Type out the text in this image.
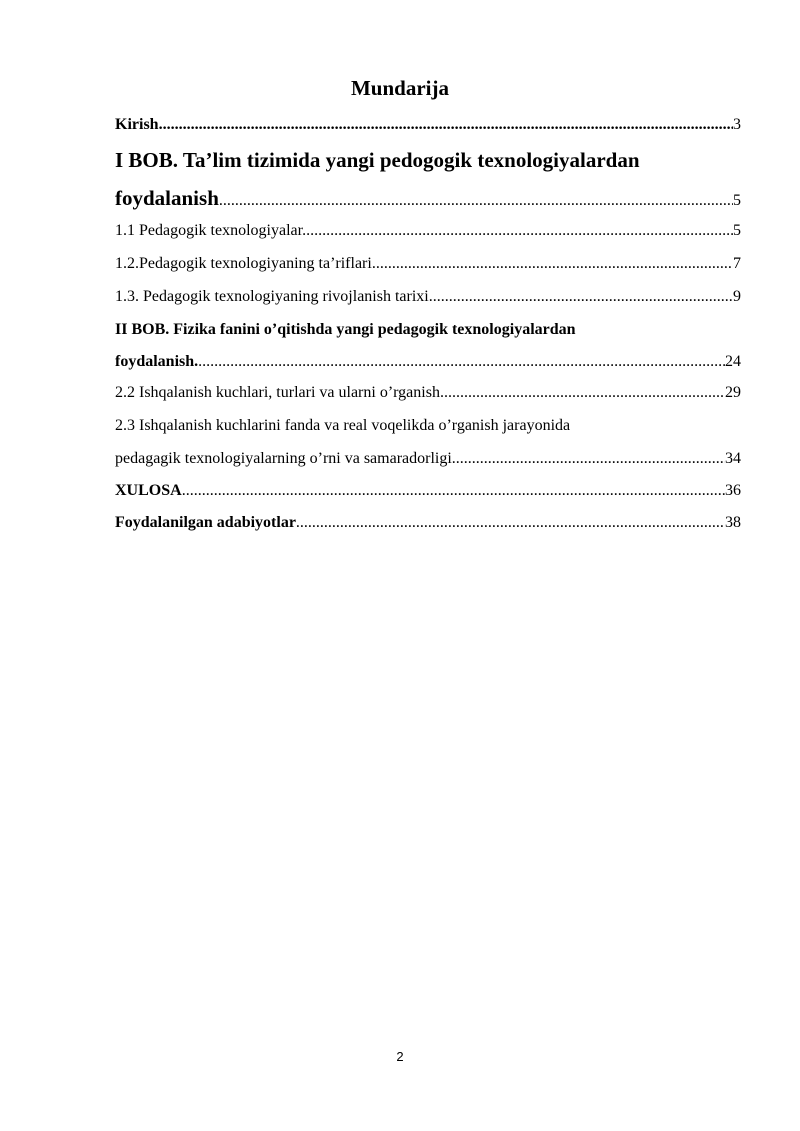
Mundarija
Kirish .....	3
I BOB. Ta’lim tizimida yangi pedogogik texnologiyalardan
foydalanish .....	5
1.1 Pedagogik texnologiyalar. .....	5
1.2.Pedagogik texnologiyaning ta’riflari .....	7
1.3. Pedagogik texnologiyaning rivojlanish tarixi .....	9
II BOB. Fizika fanini o’qitishda yangi pedagogik texnologiyalardan
foydalanish. .....	24
2.2 Ishqalanish kuchlari, turlari va ularni o’rganish .....	29
2.3 Ishqalanish kuchlarini fanda va real voqelikda o’rganish jarayonida
pedagagik texnologiyalarning o’rni va samaradorligi .....	34
XULOSA .....	36
Foydalanilgan adabiyotlar .....	38
2
